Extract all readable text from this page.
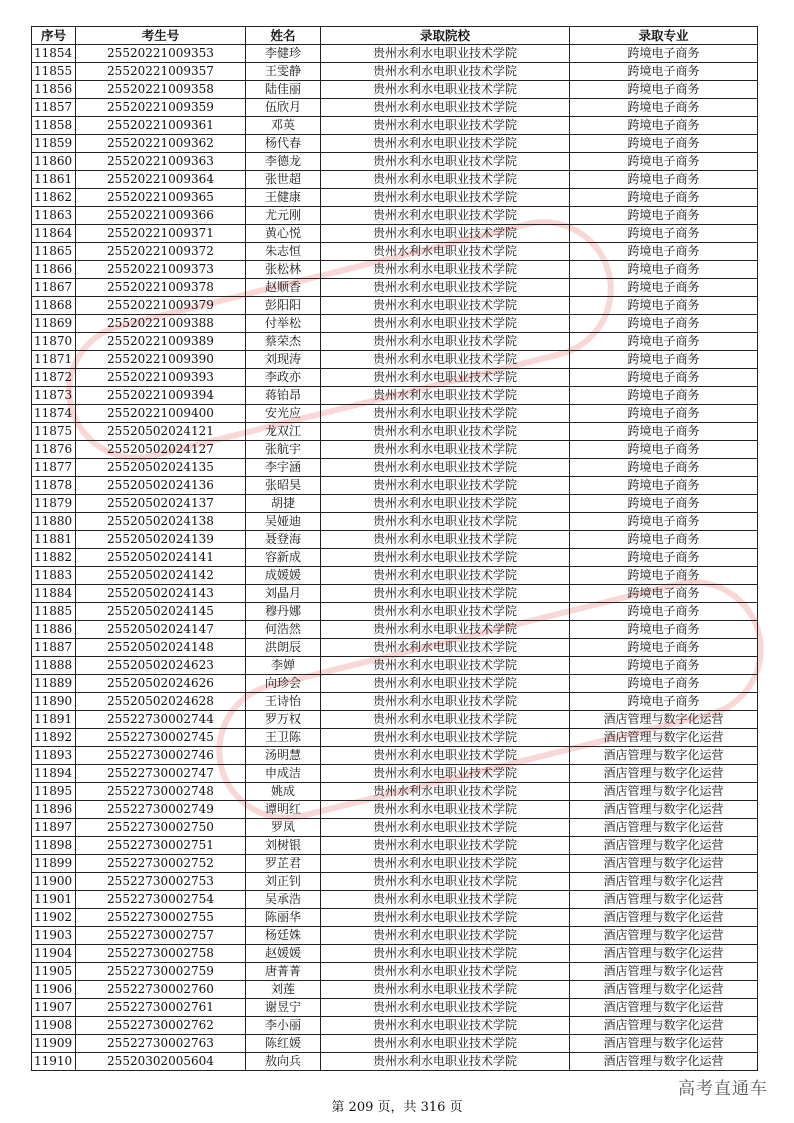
序号	考生号	姓名	录取院校	录取专业
11854	25520221009353	李健珍	贵州水利水电职业技术学院	跨境电子商务
11855	25520221009357	王雯静	贵州水利水电职业技术学院	跨境电子商务
11856	25520221009358	陆佳丽	贵州水利水电职业技术学院	跨境电子商务
11857	25520221009359	伍欣月	贵州水利水电职业技术学院	跨境电子商务
11858	25520221009361	邓英	贵州水利水电职业技术学院	跨境电子商务
11859	25520221009362	杨代春	贵州水利水电职业技术学院	跨境电子商务
11860	25520221009363	李德龙	贵州水利水电职业技术学院	跨境电子商务
11861	25520221009364	张世超	贵州水利水电职业技术学院	跨境电子商务
11862	25520221009365	王健康	贵州水利水电职业技术学院	跨境电子商务
11863	25520221009366	尤元刚	贵州水利水电职业技术学院	跨境电子商务
11864	25520221009371	黄心悦	贵州水利水电职业技术学院	跨境电子商务
11865	25520221009372	朱志恒	贵州水利水电职业技术学院	跨境电子商务
11866	25520221009373	张松林	贵州水利水电职业技术学院	跨境电子商务
11867	25520221009378	赵顺香	贵州水利水电职业技术学院	跨境电子商务
11868	25520221009379	彭阳阳	贵州水利水电职业技术学院	跨境电子商务
11869	25520221009388	付举松	贵州水利水电职业技术学院	跨境电子商务
11870	25520221009389	蔡荣杰	贵州水利水电职业技术学院	跨境电子商务
11871	25520221009390	刘现涛	贵州水利水电职业技术学院	跨境电子商务
11872	25520221009393	李政亦	贵州水利水电职业技术学院	跨境电子商务
11873	25520221009394	蒋铂昂	贵州水利水电职业技术学院	跨境电子商务
11874	25520221009400	安光应	贵州水利水电职业技术学院	跨境电子商务
11875	25520502024121	龙双江	贵州水利水电职业技术学院	跨境电子商务
11876	25520502024127	张航宇	贵州水利水电职业技术学院	跨境电子商务
11877	25520502024135	李宇涵	贵州水利水电职业技术学院	跨境电子商务
11878	25520502024136	张昭昊	贵州水利水电职业技术学院	跨境电子商务
11879	25520502024137	胡捷	贵州水利水电职业技术学院	跨境电子商务
11880	25520502024138	吴娅迪	贵州水利水电职业技术学院	跨境电子商务
11881	25520502024139	聂登海	贵州水利水电职业技术学院	跨境电子商务
11882	25520502024141	容新成	贵州水利水电职业技术学院	跨境电子商务
11883	25520502024142	成媛媛	贵州水利水电职业技术学院	跨境电子商务
11884	25520502024143	刘晶月	贵州水利水电职业技术学院	跨境电子商务
11885	25520502024145	穆丹娜	贵州水利水电职业技术学院	跨境电子商务
11886	25520502024147	何浩然	贵州水利水电职业技术学院	跨境电子商务
11887	25520502024148	洪朗辰	贵州水利水电职业技术学院	跨境电子商务
11888	25520502024623	李婵	贵州水利水电职业技术学院	跨境电子商务
11889	25520502024626	向珍会	贵州水利水电职业技术学院	跨境电子商务
11890	25520502024628	王诗怡	贵州水利水电职业技术学院	跨境电子商务
11891	25522730002744	罗万权	贵州水利水电职业技术学院	酒店管理与数字化运营
11892	25522730002745	王卫陈	贵州水利水电职业技术学院	酒店管理与数字化运营
11893	25522730002746	汤明慧	贵州水利水电职业技术学院	酒店管理与数字化运营
11894	25522730002747	申成洁	贵州水利水电职业技术学院	酒店管理与数字化运营
11895	25522730002748	姚成	贵州水利水电职业技术学院	酒店管理与数字化运营
11896	25522730002749	谭明红	贵州水利水电职业技术学院	酒店管理与数字化运营
11897	25522730002750	罗凤	贵州水利水电职业技术学院	酒店管理与数字化运营
11898	25522730002751	刘树银	贵州水利水电职业技术学院	酒店管理与数字化运营
11899	25522730002752	罗芷君	贵州水利水电职业技术学院	酒店管理与数字化运营
11900	25522730002753	刘正钊	贵州水利水电职业技术学院	酒店管理与数字化运营
11901	25522730002754	吴承浩	贵州水利水电职业技术学院	酒店管理与数字化运营
11902	25522730002755	陈丽华	贵州水利水电职业技术学院	酒店管理与数字化运营
11903	25522730002757	杨廷姝	贵州水利水电职业技术学院	酒店管理与数字化运营
11904	25522730002758	赵媛媛	贵州水利水电职业技术学院	酒店管理与数字化运营
11905	25522730002759	唐菁菁	贵州水利水电职业技术学院	酒店管理与数字化运营
11906	25522730002760	刘莲	贵州水利水电职业技术学院	酒店管理与数字化运营
11907	25522730002761	谢昱宁	贵州水利水电职业技术学院	酒店管理与数字化运营
11908	25522730002762	李小丽	贵州水利水电职业技术学院	酒店管理与数字化运营
11909	25522730002763	陈红媛	贵州水利水电职业技术学院	酒店管理与数字化运营
11910	25520302005604	敖向兵	贵州水利水电职业技术学院	酒店管理与数字化运营
第 209 页，共 316 页
高考直通车
